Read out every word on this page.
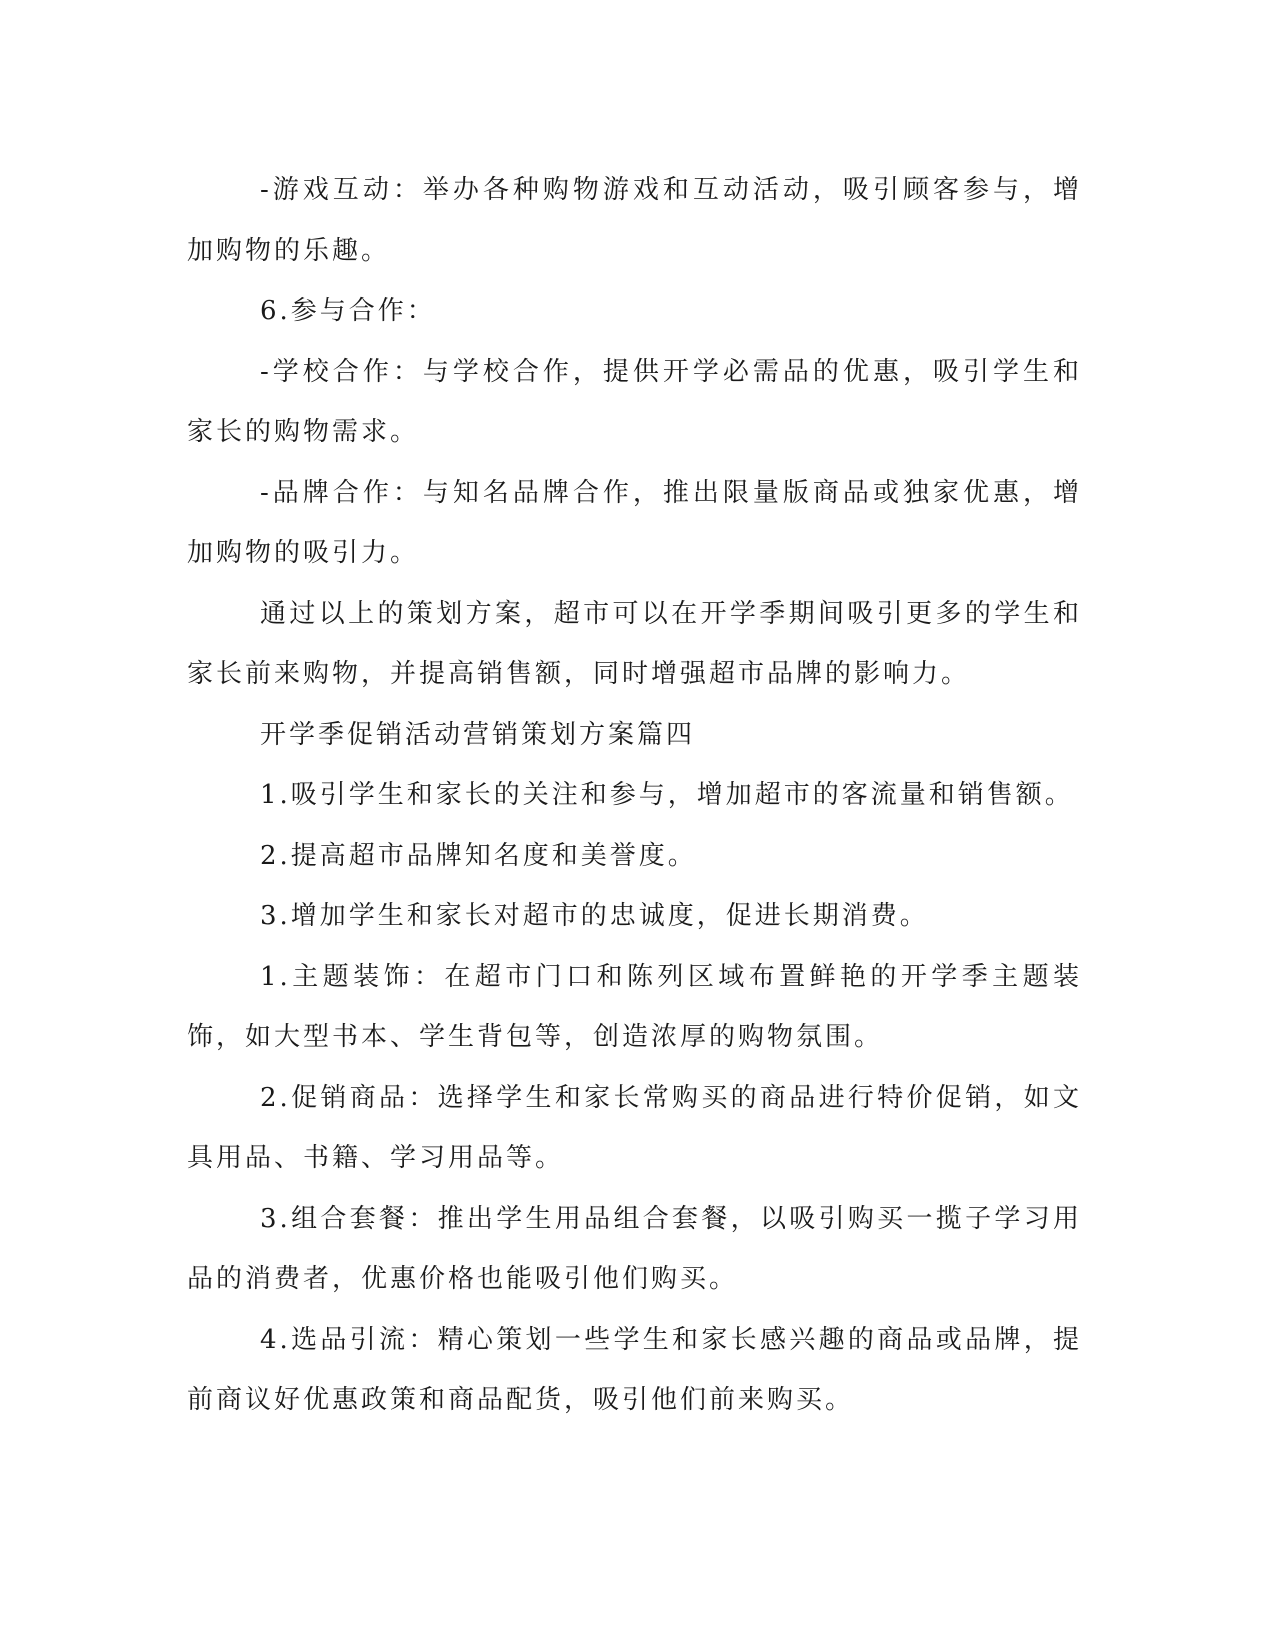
-游戏互动：举办各种购物游戏和互动活动，吸引顾客参与，增加购物的乐趣。

6.参与合作：

-学校合作：与学校合作，提供开学必需品的优惠，吸引学生和家长的购物需求。

-品牌合作：与知名品牌合作，推出限量版商品或独家优惠，增加购物的吸引力。

通过以上的策划方案，超市可以在开学季期间吸引更多的学生和家长前来购物，并提高销售额，同时增强超市品牌的影响力。

开学季促销活动营销策划方案篇四

1.吸引学生和家长的关注和参与，增加超市的客流量和销售额。

2.提高超市品牌知名度和美誉度。

3.增加学生和家长对超市的忠诚度，促进长期消费。

1.主题装饰：在超市门口和陈列区域布置鲜艳的开学季主题装饰，如大型书本、学生背包等，创造浓厚的购物氛围。

2.促销商品：选择学生和家长常购买的商品进行特价促销，如文具用品、书籍、学习用品等。

3.组合套餐：推出学生用品组合套餐，以吸引购买一揽子学习用品的消费者，优惠价格也能吸引他们购买。

4.选品引流：精心策划一些学生和家长感兴趣的商品或品牌，提前商议好优惠政策和商品配货，吸引他们前来购买。
